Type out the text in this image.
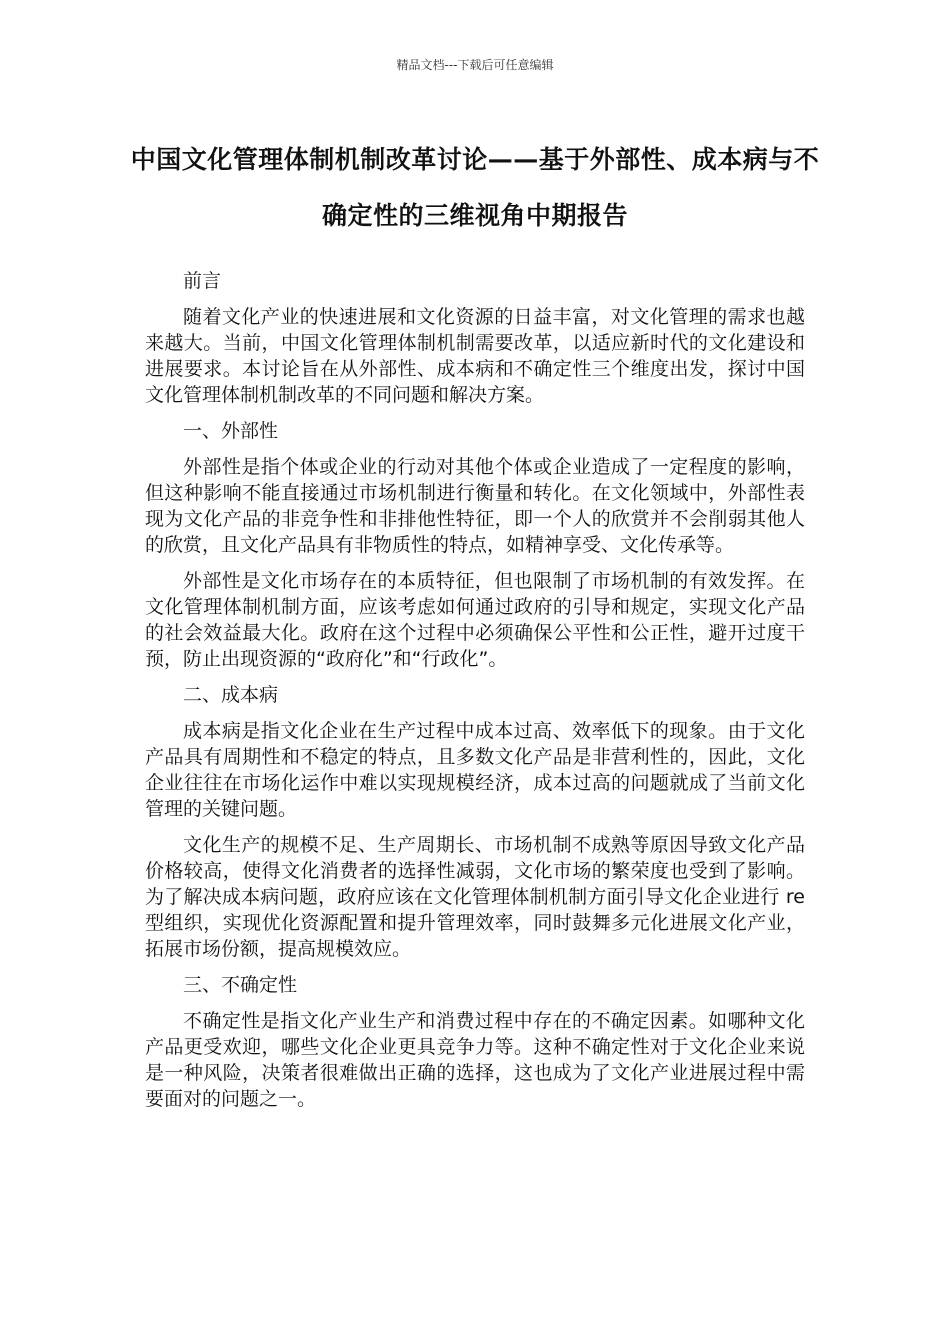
精品文档---下载后可任意编辑
中国文化管理体制机制改革讨论——基于外部性、成本病与不确定性的三维视角中期报告

前言

随着文化产业的快速进展和文化资源的日益丰富，对文化管理的需求也越来越大。当前，中国文化管理体制机制需要改革，以适应新时代的文化建设和进展要求。本讨论旨在从外部性、成本病和不确定性三个维度出发，探讨中国文化管理体制机制改革的不同问题和解决方案。

一、外部性

外部性是指个体或企业的行动对其他个体或企业造成了一定程度的影响，但这种影响不能直接通过市场机制进行衡量和转化。在文化领域中，外部性表现为文化产品的非竞争性和非排他性特征，即一个人的欣赏并不会削弱其他人的欣赏，且文化产品具有非物质性的特点，如精神享受、文化传承等。

外部性是文化市场存在的本质特征，但也限制了市场机制的有效发挥。在文化管理体制机制方面，应该考虑如何通过政府的引导和规定，实现文化产品的社会效益最大化。政府在这个过程中必须确保公平性和公正性，避开过度干预，防止出现资源的“政府化”和“行政化”。

二、成本病

成本病是指文化企业在生产过程中成本过高、效率低下的现象。由于文化产品具有周期性和不稳定的特点，且多数文化产品是非营利性的，因此，文化企业往往在市场化运作中难以实现规模经济，成本过高的问题就成了当前文化管理的关键问题。

文化生产的规模不足、生产周期长、市场机制不成熟等原因导致文化产品价格较高，使得文化消费者的选择性减弱，文化市场的繁荣度也受到了影响。为了解决成本病问题，政府应该在文化管理体制机制方面引导文化企业进行 re 型组织，实现优化资源配置和提升管理效率，同时鼓舞多元化进展文化产业，拓展市场份额，提高规模效应。

三、不确定性

不确定性是指文化产业生产和消费过程中存在的不确定因素。如哪种文化产品更受欢迎，哪些文化企业更具竞争力等。这种不确定性对于文化企业来说是一种风险，决策者很难做出正确的选择，这也成为了文化产业进展过程中需要面对的问题之一。
